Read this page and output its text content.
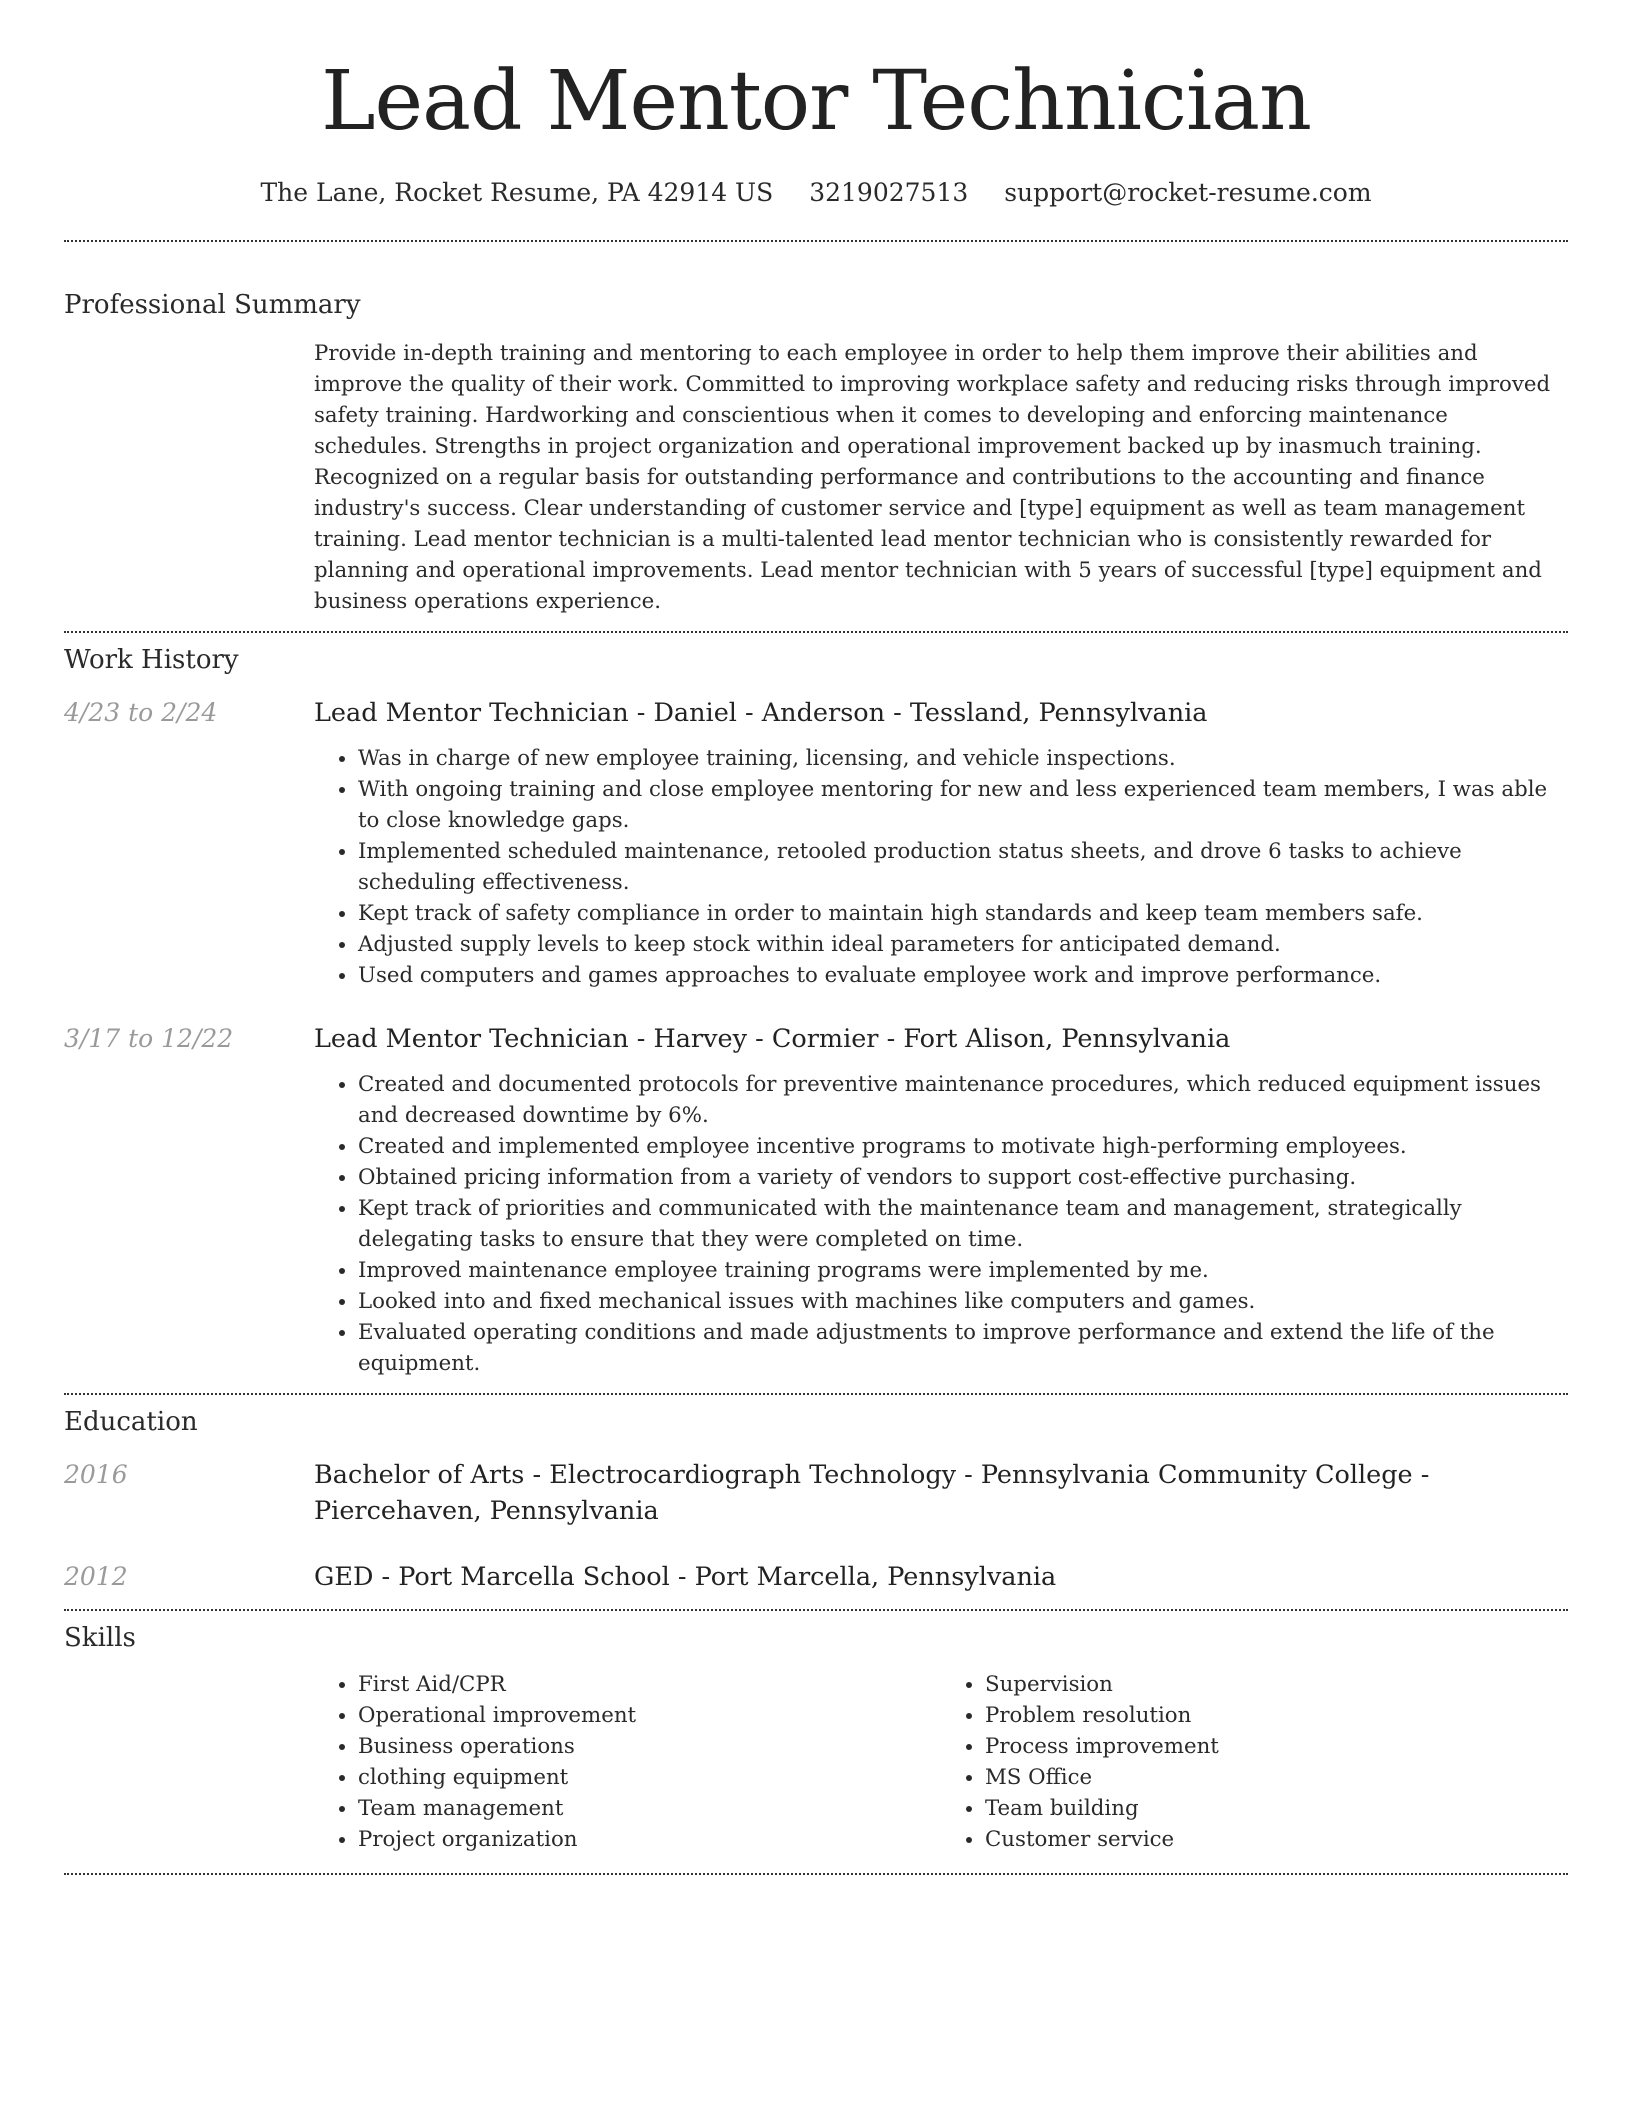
Lead Mentor Technician
The Lane, Rocket Resume, PA 42914 US 3219027513 support@rocket-resume.com
Professional Summary

Provide in-depth training and mentoring to each employee in order to help them improve their abilities and improve the quality of their work. Committed to improving workplace safety and reducing risks through improved safety training. Hardworking and conscientious when it comes to developing and enforcing maintenance schedules. Strengths in project organization and operational improvement backed up by inasmuch training. Recognized on a regular basis for outstanding performance and contributions to the accounting and finance industry's success. Clear understanding of customer service and [type] equipment as well as team management training. Lead mentor technician is a multi-talented lead mentor technician who is consistently rewarded for planning and operational improvements. Lead mentor technician with 5 years of successful [type] equipment and business operations experience.

Work History
4/23 to 2/24	Lead Mentor Technician - Daniel - Anderson - Tessland, Pennsylvania

• Was in charge of new employee training, licensing, and vehicle inspections.
• With ongoing training and close employee mentoring for new and less experienced team members, I was able to close knowledge gaps.
• Implemented scheduled maintenance, retooled production status sheets, and drove 6 tasks to achieve scheduling effectiveness.
• Kept track of safety compliance in order to maintain high standards and keep team members safe.
• Adjusted supply levels to keep stock within ideal parameters for anticipated demand.
• Used computers and games approaches to evaluate employee work and improve performance.
3/17 to 12/22	Lead Mentor Technician - Harvey - Cormier - Fort Alison, Pennsylvania

• Created and documented protocols for preventive maintenance procedures, which reduced equipment issues and decreased downtime by 6%.
• Created and implemented employee incentive programs to motivate high-performing employees.
• Obtained pricing information from a variety of vendors to support cost-effective purchasing.
• Kept track of priorities and communicated with the maintenance team and management, strategically delegating tasks to ensure that they were completed on time.
• Improved maintenance employee training programs were implemented by me.
• Looked into and fixed mechanical issues with machines like computers and games.
• Evaluated operating conditions and made adjustments to improve performance and extend the life of the equipment.
Education
2016	Bachelor of Arts - Electrocardiograph Technology - Pennsylvania Community College - Piercehaven, Pennsylvania

2012	GED - Port Marcella School - Port Marcella, Pennsylvania

Skills
• First Aid/CPR
• Operational improvement
• Business operations
• clothing equipment
• Team management
• Project organization
• Supervision
• Problem resolution
• Process improvement
• MS Office
• Team building
• Customer service
